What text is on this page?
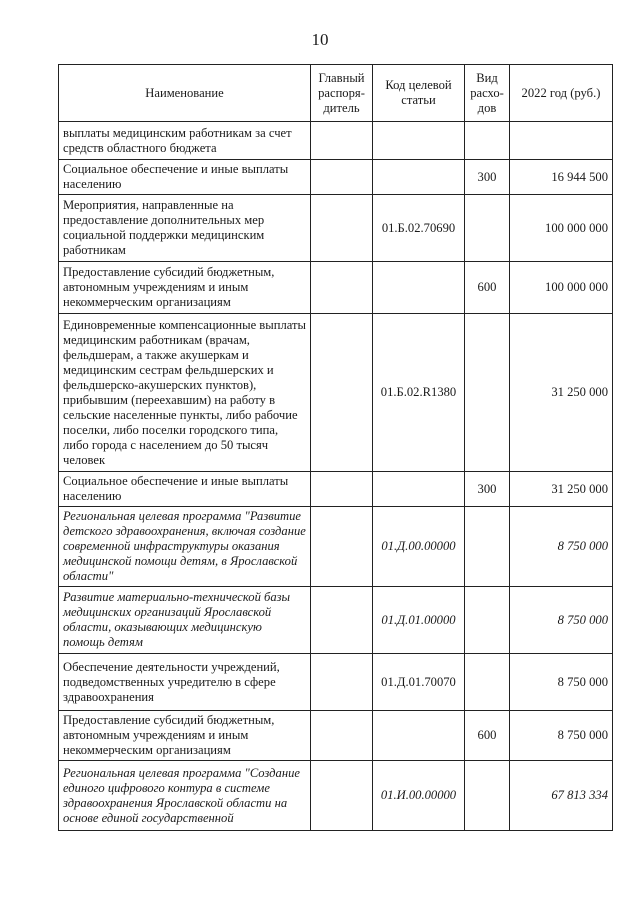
10
Наименование	Главный распоря-дитель	Код целевой статьи	Вид расхо-дов	2022 год (руб.)
выплаты медицинским работникам за счет средств областного бюджета				
Социальное обеспечение и иные выплаты населению			300	16 944 500
Мероприятия, направленные на предоставление дополнительных мер социальной поддержки медицинским работникам		01.Б.02.70690		100 000 000
Предоставление субсидий бюджетным, автономным учреждениям и иным некоммерческим организациям			600	100 000 000
Единовременные компенсационные выплаты медицинским работникам (врачам, фельдшерам, а также акушеркам и медицинским сестрам фельдшерских и фельдшерско-акушерских пунктов), прибывшим (переехавшим) на работу в сельские населенные пункты, либо рабочие поселки, либо поселки городского типа, либо города с населением до 50 тысяч человек		01.Б.02.R1380		31 250 000
Социальное обеспечение и иные выплаты населению			300	31 250 000
Региональная целевая программа "Развитие детского здравоохранения, включая создание современной инфраструктуры оказания медицинской помощи детям, в Ярославской области"		01.Д.00.00000		8 750 000
Развитие материально-технической базы медицинских организаций Ярославской области, оказывающих медицинскую помощь детям		01.Д.01.00000		8 750 000
Обеспечение деятельности учреждений, подведомственных учредителю в сфере здравоохранения		01.Д.01.70070		8 750 000
Предоставление субсидий бюджетным, автономным учреждениям и иным некоммерческим организациям			600	8 750 000
Региональная целевая программа "Создание единого цифрового контура в системе здравоохранения Ярославской области на основе единой государственной		01.И.00.00000		67 813 334
